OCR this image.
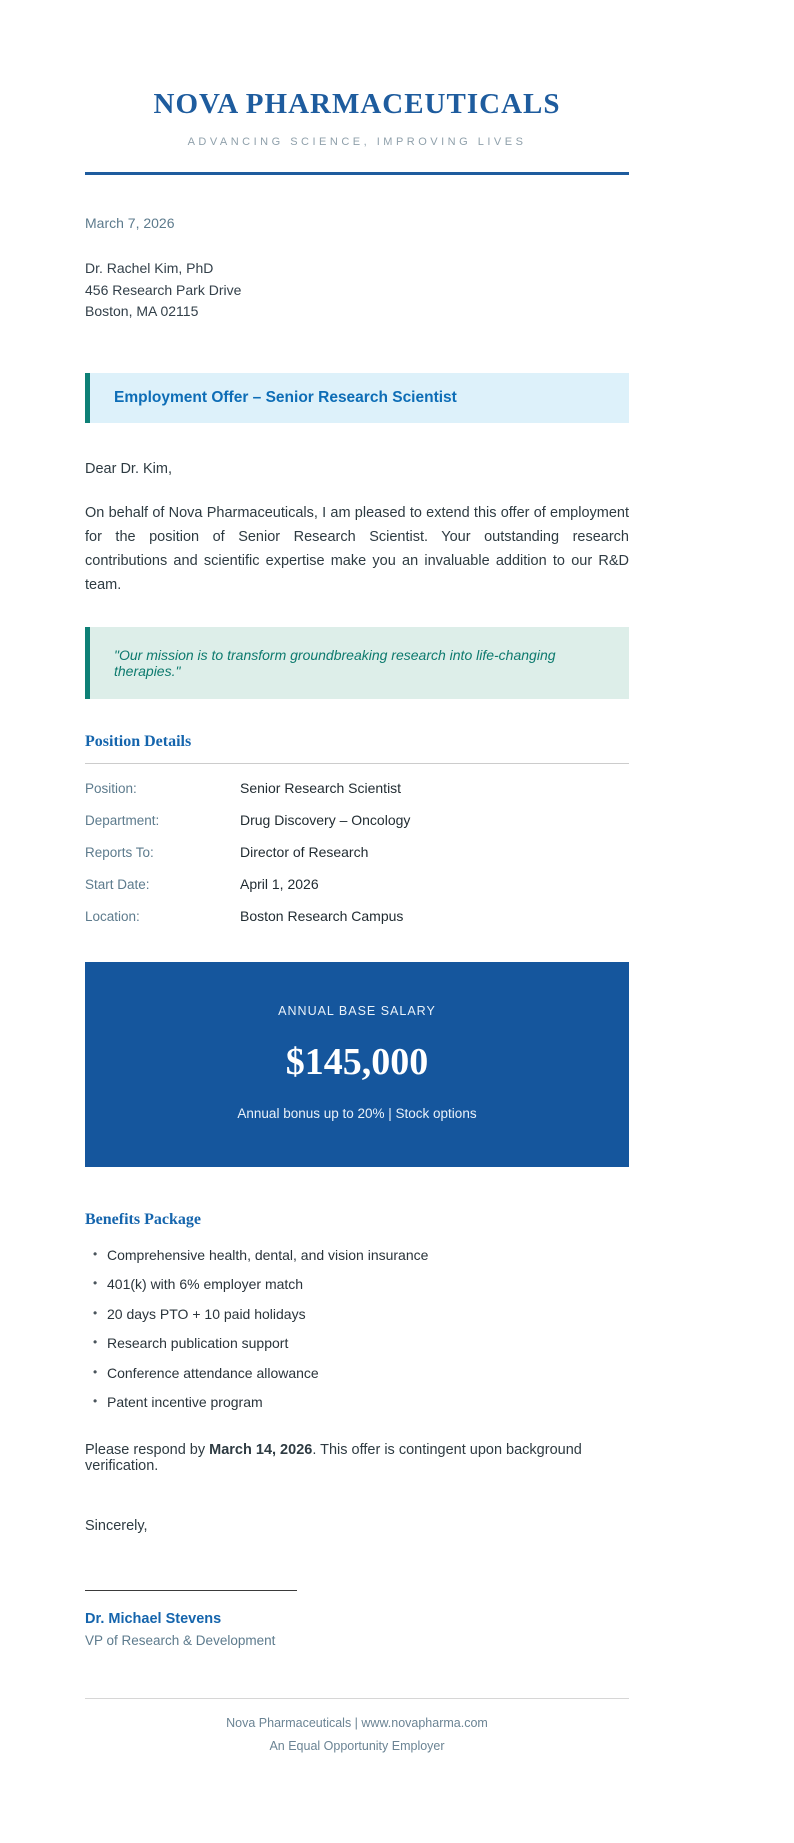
NOVA PHARMACEUTICALS
ADVANCING SCIENCE, IMPROVING LIVES
March 7, 2026
Dr. Rachel Kim, PhD
456 Research Park Drive
Boston, MA 02115
Employment Offer – Senior Research Scientist
Dear Dr. Kim,
On behalf of Nova Pharmaceuticals, I am pleased to extend this offer of employment for the position of Senior Research Scientist. Your outstanding research contributions and scientific expertise make you an invaluable addition to our R&D team.
"Our mission is to transform groundbreaking research into life-changing therapies."
Position Details
Position:	Senior Research Scientist
Department:	Drug Discovery – Oncology
Reports To:	Director of Research
Start Date:	April 1, 2026
Location:	Boston Research Campus
ANNUAL BASE SALARY
$145,000
Annual bonus up to 20% | Stock options
Benefits Package
• Comprehensive health, dental, and vision insurance
• 401(k) with 6% employer match
• 20 days PTO + 10 paid holidays
• Research publication support
• Conference attendance allowance
• Patent incentive program
Please respond by March 14, 2026. This offer is contingent upon background verification.
Sincerely,
Dr. Michael Stevens
VP of Research & Development
Nova Pharmaceuticals | www.novapharma.com
An Equal Opportunity Employer
